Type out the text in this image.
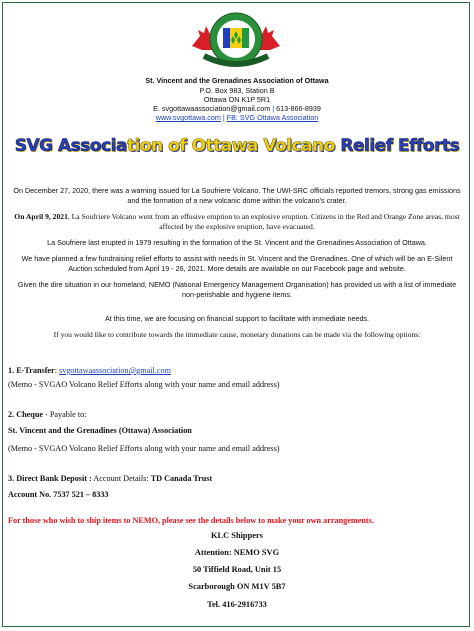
St. Vincent and the Grenadines Association of Ottawa
P.O. Box 983, Station B
Ottawa ON K1P 5R1
E. svgottawaassociation@gmail.com | 613-866-8939
www.svgottawa.com | FB: SVG Ottawa Association
SVG Association of Ottawa Volcano Relief Efforts
On December 27, 2020, there was a warning issued for La Soufriere Volcano. The UWI-SRC officials reported tremors, strong gas emissions and the formation of a new volcanic dome within the volcano’s crater.
On April 9, 2021, La Soufriere Volcano went from an effusive eruption to an explosive eruption. Citizens in the Red and Orange Zone areas, most affected by the explosive eruption, have evacuated.
La Soufriere last erupted in 1979 resulting in the formation of the St. Vincent and the Grenadines Association of Ottawa.
We have planned a few fundraising relief efforts to assist with needs in St. Vincent and the Grenadines. One of which will be an E-Silent Auction scheduled from April 19 - 26, 2021. More details are available on our Facebook page and website.
Given the dire situation in our homeland, NEMO (National Emergency Management Organisation) has provided us with a list of immediate non-perishable and hygiene items.
At this time, we are focusing on financial support to facilitate with immediate needs.
If you would like to contribute towards the immediate cause, monetary donations can be made via the following options:
1. E-Transfer: svgottawaassociation@gmail.com
(Memo - SVGAO Volcano Relief Efforts along with your name and email address)
2. Cheque - Payable to:
St. Vincent and the Grenadines (Ottawa) Association
(Memo - SVGAO Volcano Relief Efforts along with your name and email address)
3. Direct Bank Deposit : Account Details: TD Canada Trust
Account No. 7537 521 – 8333
For those who wish to ship items to NEMO, please see the details below to make your own arrangements.
KLC Shippers
Attention: NEMO SVG
50 Tiffield Road, Unit 15
Scarborough ON M1V 5B7
Tel. 416-2916733
